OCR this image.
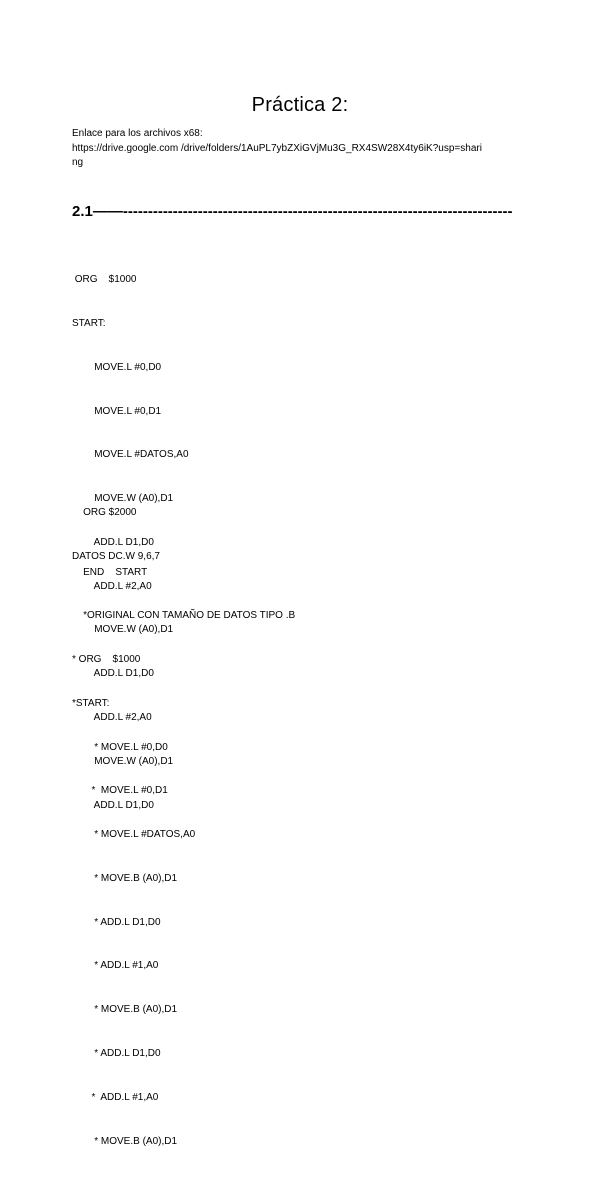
Práctica 2:
Enlace para los archivos x68:
https://drive.google.com /drive/folders/1AuPL7ybZXiGVjMu3G_RX4SW28X4ty6iK?usp=shari
ng
2.1——------------------------------------------------------------------------------

ORG    $1000

START:

MOVE.L #0,D0

MOVE.L #0,D1

MOVE.L #DATOS,A0

MOVE.W (A0),D1

ADD.L D1,D0

ADD.L #2,A0

MOVE.W (A0),D1

ADD.L D1,D0

ADD.L #2,A0

MOVE.W (A0),D1

ADD.L D1,D0

ORG $2000

DATOS DC.W 9,6,7

END    START

*ORIGINAL CON TAMAÑO DE DATOS TIPO .B

* ORG    $1000

*START:

* MOVE.L #0,D0

*  MOVE.L #0,D1

* MOVE.L #DATOS,A0

* MOVE.B (A0),D1

* ADD.L D1,D0

* ADD.L #1,A0

* MOVE.B (A0),D1

* ADD.L D1,D0

*  ADD.L #1,A0

* MOVE.B (A0),D1
